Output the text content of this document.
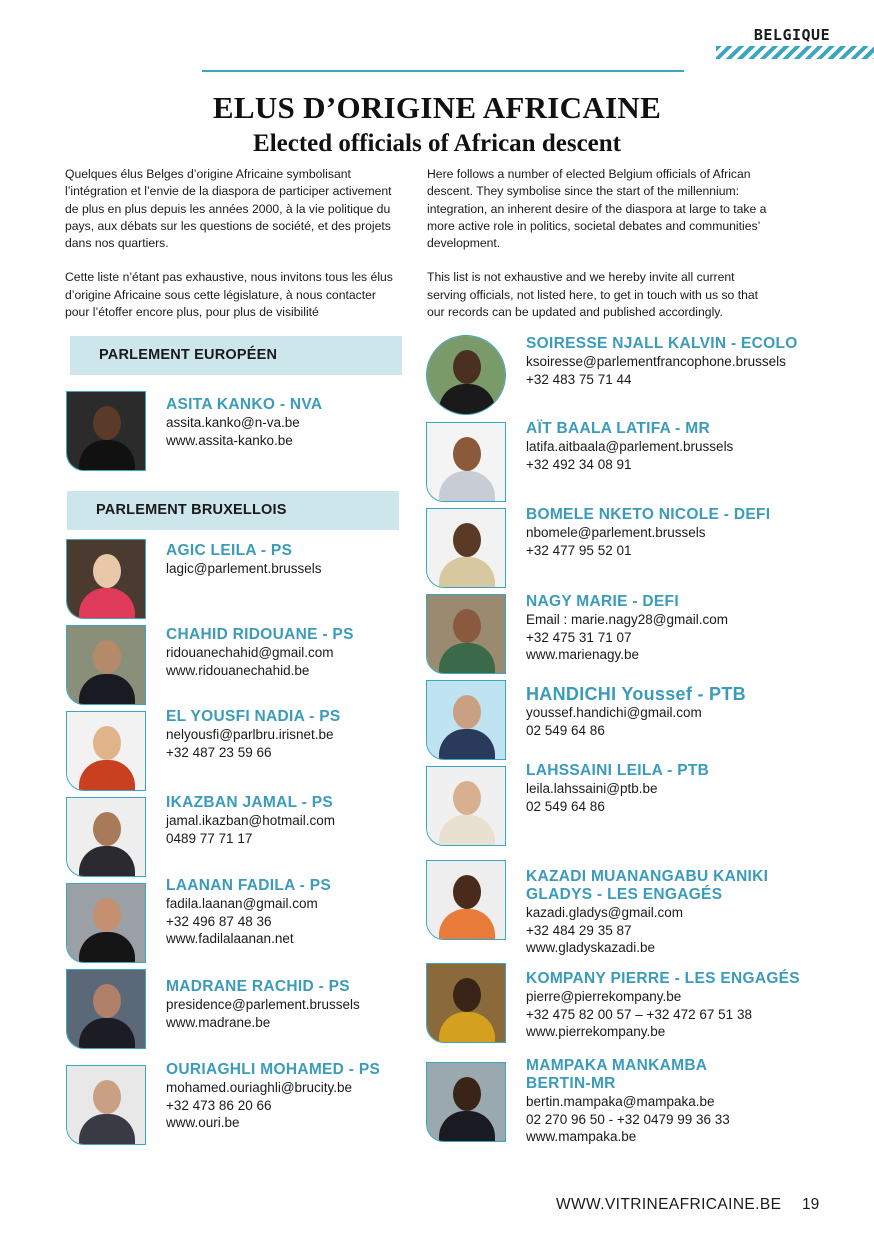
BELGIQUE
ELUS D’ORIGINE AFRICAINE
Elected officials of African descent

Quelques élus Belges d’origine Africaine symbolisant l’intégration et l’envie de la diaspora de participer activement de plus en plus depuis les années 2000, à la vie politique du pays, aux débats sur les questions de société, et des projets dans nos quartiers.

Cette liste n’étant pas exhaustive, nous invitons tous les élus d’origine Africaine sous cette législature, à nous contacter pour l’étoffer encore plus, pour plus de visibilité

Here follows a number of elected Belgium officials of African descent. They symbolise since the start of the millennium: integration, an inherent desire of the diaspora at large to take a more active role in politics, societal debates and communities’ development.

This list is not exhaustive and we hereby invite all current serving officials, not listed here, to get in touch with us so that our records can be updated and published accordingly.

PARLEMENT EUROPÉEN
PARLEMENT BRUXELLOIS
ASITA KANKO - NVA
assita.kanko@n-va.be
www.assita-kanko.be
AGIC LEILA - PS
lagic@parlement.brussels
CHAHID RIDOUANE - PS
ridouanechahid@gmail.com
www.ridouanechahid.be
EL YOUSFI NADIA - PS
nelyousfi@parlbru.irisnet.be
+32 487 23 59 66
IKAZBAN JAMAL - PS
jamal.ikazban@hotmail.com
0489 77 71 17
LAANAN FADILA - PS
fadila.laanan@gmail.com
+32 496 87 48 36
www.fadilalaanan.net
MADRANE RACHID - PS
presidence@parlement.brussels
www.madrane.be
OURIAGHLI MOHAMED - PS
mohamed.ouriaghli@brucity.be
+32 473 86 20 66
www.ouri.be
SOIRESSE NJALL KALVIN - ECOLO
ksoiresse@parlementfrancophone.brussels
+32 483 75 71 44
AÏT BAALA LATIFA - MR
latifa.aitbaala@parlement.brussels
+32 492 34 08 91
BOMELE NKETO NICOLE - DEFI
nbomele@parlement.brussels
+32 477 95 52 01
NAGY MARIE - DEFI
Email : marie.nagy28@gmail.com
+32 475 31 71 07
www.marienagy.be
HANDICHI Youssef - PTB
youssef.handichi@gmail.com
02 549 64 86
LAHSSAINI LEILA - PTB
leila.lahssaini@ptb.be
02 549 64 86
KAZADI MUANANGABU KANIKI GLADYS - LES ENGAGÉS
kazadi.gladys@gmail.com
+32 484 29 35 87
www.gladyskazadi.be
KOMPANY PIERRE - LES ENGAGÉS
pierre@pierrekompany.be
+32 475 82 00 57 – +32 472 67 51 38
www.pierrekompany.be
MAMPAKA MANKAMBA BERTIN-MR
bertin.mampaka@mampaka.be
02 270 96 50 - +32 0479 99 36 33
www.mampaka.be
WWW.VITRINEAFRICAINE.BE 19
